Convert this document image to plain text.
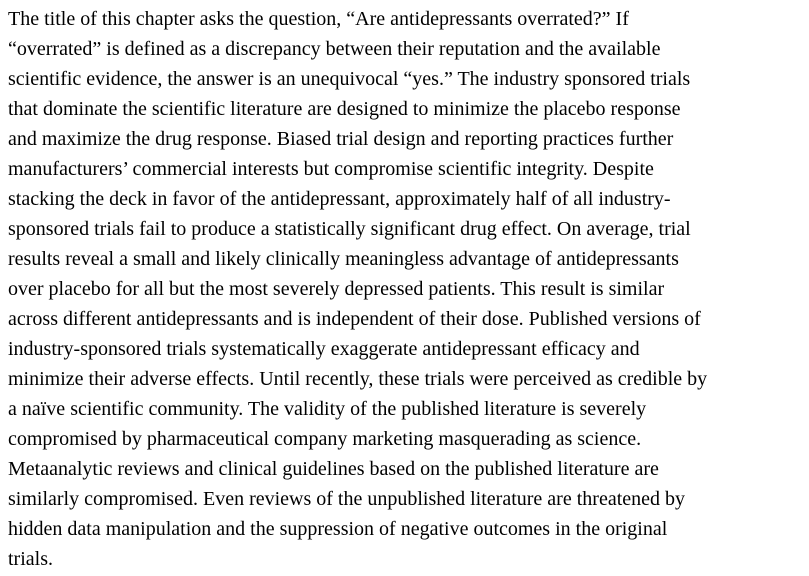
The title of this chapter asks the question, “Are antidepressants overrated?” If
“overrated” is defined as a discrepancy between their reputation and the available
scientific evidence, the answer is an unequivocal “yes.” The industry sponsored trials
that dominate the scientific literature are designed to minimize the placebo response
and maximize the drug response. Biased trial design and reporting practices further
manufacturers’ commercial interests but compromise scientific integrity. Despite
stacking the deck in favor of the antidepressant, approximately half of all industry-
sponsored trials fail to produce a statistically significant drug effect. On average, trial
results reveal a small and likely clinically meaningless advantage of antidepressants
over placebo for all but the most severely depressed patients. This result is similar
across different antidepressants and is independent of their dose. Published versions of
industry-sponsored trials systematically exaggerate antidepressant efficacy and
minimize their adverse effects. Until recently, these trials were perceived as credible by
a naïve scientific community. The validity of the published literature is severely
compromised by pharmaceutical company marketing masquerading as science.
Metaanalytic reviews and clinical guidelines based on the published literature are
similarly compromised. Even reviews of the unpublished literature are threatened by
hidden data manipulation and the suppression of negative outcomes in the original
trials.
